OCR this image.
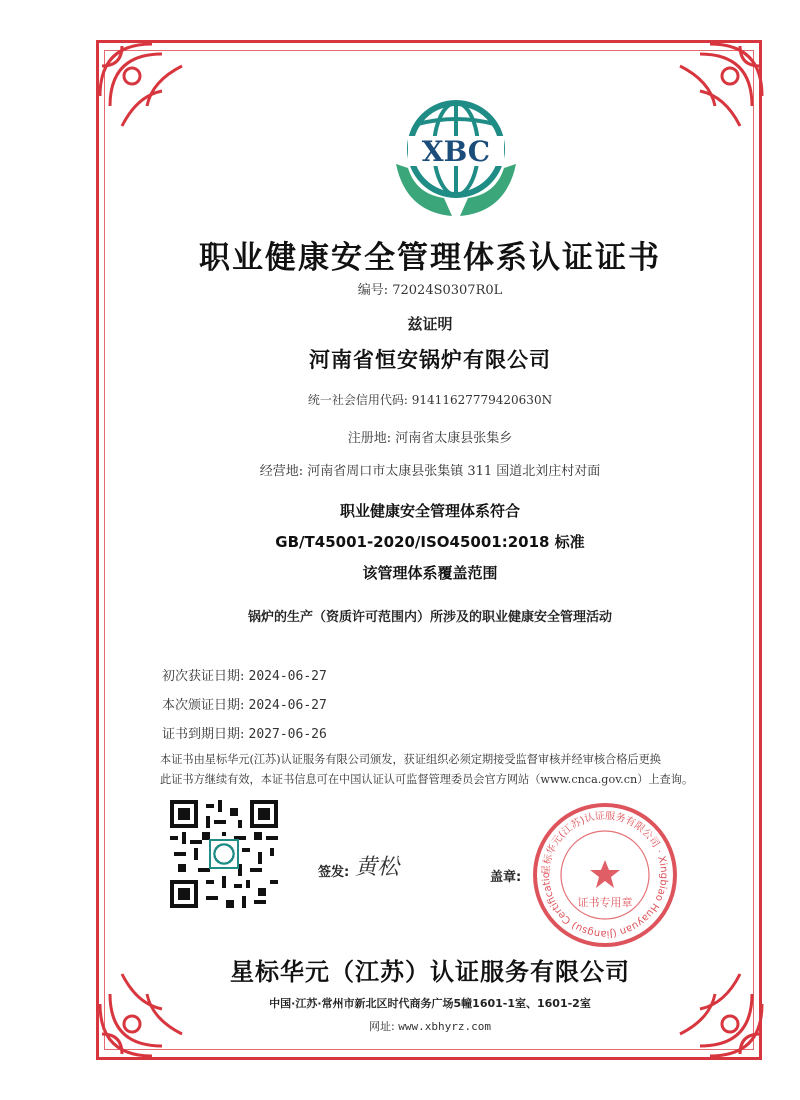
XBC
职业健康安全管理体系认证证书
编号: 72024S0307R0L
兹证明
河南省恒安锅炉有限公司
统一社会信用代码: 91411627779420630N
注册地: 河南省太康县张集乡
经营地: 河南省周口市太康县张集镇 311 国道北刘庄村对面
职业健康安全管理体系符合
GB/T45001-2020/ISO45001:2018 标准
该管理体系覆盖范围
锅炉的生产（资质许可范围内）所涉及的职业健康安全管理活动
初次获证日期: 2024-06-27
本次颁证日期: 2024-06-27
证书到期日期: 2027-06-26
本证书由星标华元(江苏)认证服务有限公司颁发，获证组织必须定期接受监督审核并经审核合格后更换
此证书方继续有效，本证书信息可在中国认证认可监督管理委员会官方网站（www.cnca.gov.cn）上查询。
签发: 黄松	盖章:
星标华元(江苏)认证服务有限公司 · Xingbiao Huayuan (Jiangsu) Certification
证书专用章
星标华元（江苏）认证服务有限公司
中国·江苏·常州市新北区时代商务广场5幢1601-1室、1601-2室
网址: www.xbhyrz.com
